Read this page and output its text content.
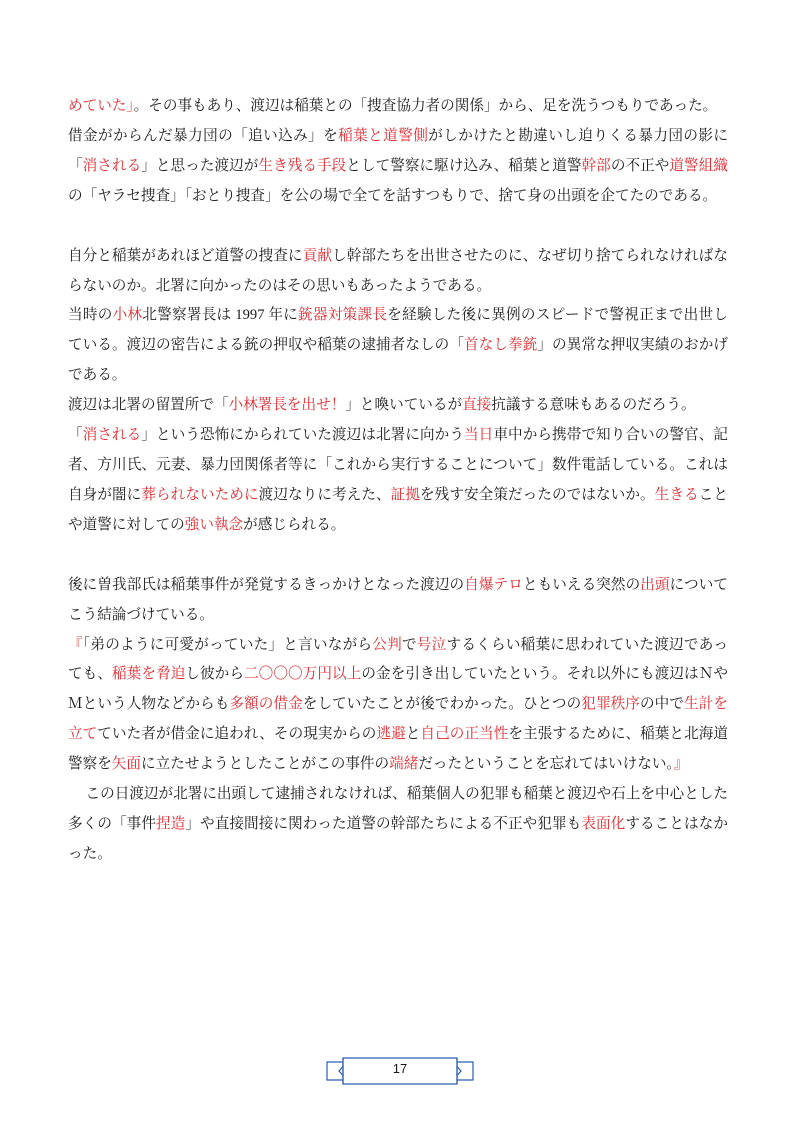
めていた」。その事もあり、渡辺は稲葉との「捜査協力者の関係」から、足を洗うつもりであった。

借金がからんだ暴力団の「追い込み」を稲葉と道警側がしかけたと勘違いし迫りくる暴力団の影に「消される」と思った渡辺が生き残る手段として警察に駆け込み、稲葉と道警幹部の不正や道警組織の「ヤラセ捜査」「おとり捜査」を公の場で全てを話すつもりで、捨て身の出頭を企てたのである。

自分と稲葉があれほど道警の捜査に貢献し幹部たちを出世させたのに、なぜ切り捨てられなければならないのか。北署に向かったのはその思いもあったようである。

当時の小林北警察署長は 1997 年に銃器対策課長を経験した後に異例のスピードで警視正まで出世している。渡辺の密告による銃の押収や稲葉の逮捕者なしの「首なし拳銃」の異常な押収実績のおかげである。

渡辺は北署の留置所で「小林署長を出せ！」と喚いているが直接抗議する意味もあるのだろう。

「消される」という恐怖にかられていた渡辺は北署に向かう当日車中から携帯で知り合いの警官、記者、方川氏、元妻、暴力団関係者等に「これから実行することについて」数件電話している。これは自身が闇に葬られないために渡辺なりに考えた、証拠を残す安全策だったのではないか。生きることや道警に対しての強い執念が感じられる。

後に曽我部氏は稲葉事件が発覚するきっかけとなった渡辺の自爆テロともいえる突然の出頭についてこう結論づけている。

『「弟のように可愛がっていた」と言いながら公判で号泣するくらい稲葉に思われていた渡辺であっても、稲葉を脅迫し彼から二〇〇〇万円以上の金を引き出していたという。それ以外にも渡辺はＮやＭという人物などからも多額の借金をしていたことが後でわかった。ひとつの犯罪秩序の中で生計を立てていた者が借金に追われ、その現実からの逃避と自己の正当性を主張するために、稲葉と北海道警察を矢面に立たせようとしたことがこの事件の端緒だったということを忘れてはいけない。』

この日渡辺が北署に出頭して逮捕されなければ、稲葉個人の犯罪も稲葉と渡辺や石上を中心とした多くの「事件捏造」や直接間接に関わった道警の幹部たちによる不正や犯罪も表面化することはなかった。

17
